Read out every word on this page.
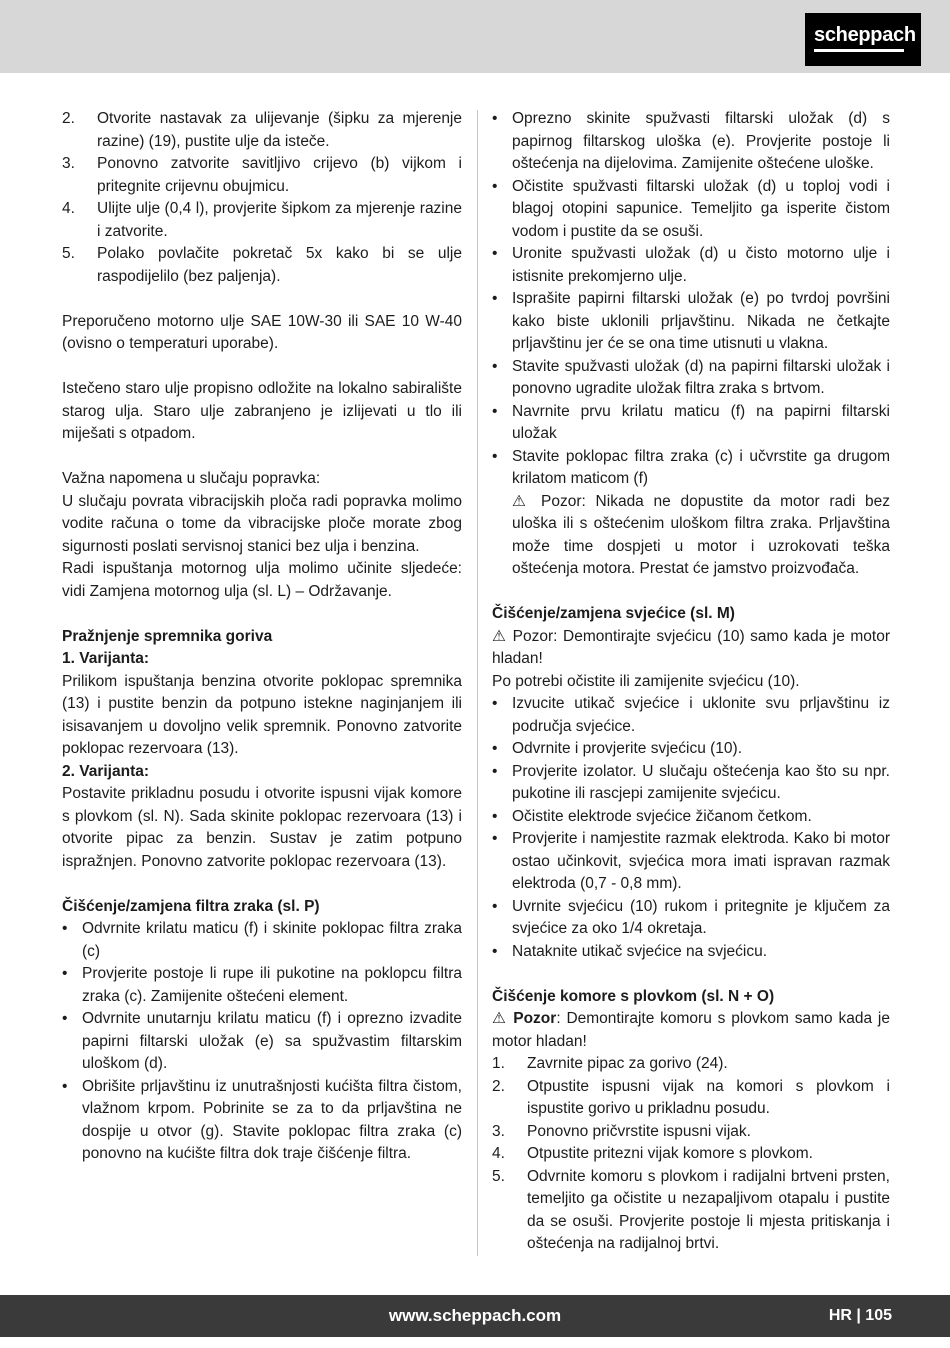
scheppach
2.	Otvorite nastavak za ulijevanje (šipku za mjerenje razine) (19), pustite ulje da isteče.
3.	Ponovno zatvorite savitljivo crijevo (b) vijkom i pritegnite crijevnu obujmicu.
4.	Ulijte ulje (0,4 l), provjerite šipkom za mjerenje razine i zatvorite.
5.	Polako povlačite pokretač 5x kako bi se ulje raspodijelilo (bez paljenja).

Preporučeno motorno ulje SAE 10W-30 ili SAE 10 W-40 (ovisno o temperaturi uporabe).

Istečeno staro ulje propisno odložite na lokalno sabiralište starog ulja. Staro ulje zabranjeno je izlijevati u tlo ili miješati s otpadom.

Važna napomena u slučaju popravka:

U slučaju povrata vibracijskih ploča radi popravka molimo vodite računa o tome da vibracijske ploče morate zbog sigurnosti poslati servisnoj stanici bez ulja i benzina.

Radi ispuštanja motornog ulja molimo učinite sljedeće: vidi Zamjena motornog ulja (sl. L) – Održavanje.

Pražnjenje spremnika goriva

1. Varijanta:

Prilikom ispuštanja benzina otvorite poklopac spremnika (13) i pustite benzin da potpuno istekne naginjanjem ili isisavanjem u dovoljno velik spremnik. Ponovno zatvorite poklopac rezervoara (13).

2. Varijanta:

Postavite prikladnu posudu i otvorite ispusni vijak komore s plovkom (sl. N). Sada skinite poklopac rezervoara (13) i otvorite pipac za benzin. Sustav je zatim potpuno ispražnjen. Ponovno zatvorite poklopac rezervoara (13).

Čišćenje/zamjena filtra zraka (sl. P)

• Odvrnite krilatu maticu (f) i skinite poklopac filtra zraka (c)
• Provjerite postoje li rupe ili pukotine na poklopcu filtra zraka (c). Zamijenite oštećeni element.
• Odvrnite unutarnju krilatu maticu (f) i oprezno izvadite papirni filtarski uložak (e) sa spužvastim filtarskim uloškom (d).
• Obrišite prljavštinu iz unutrašnjosti kućišta filtra čistom, vlažnom krpom. Pobrinite se za to da prljavština ne dospije u otvor (g). Stavite poklopac filtra zraka (c) ponovno na kućište filtra dok traje čišćenje filtra.
• Oprezno skinite spužvasti filtarski uložak (d) s papirnog filtarskog uloška (e). Provjerite postoje li oštećenja na dijelovima. Zamijenite oštećene uloške.
• Očistite spužvasti filtarski uložak (d) u toploj vodi i blagoj otopini sapunice. Temeljito ga isperite čistom vodom i pustite da se osuši.
• Uronite spužvasti uložak (d) u čisto motorno ulje i istisnite prekomjerno ulje.
• Isprašite papirni filtarski uložak (e) po tvrdoj površini kako biste uklonili prljavštinu. Nikada ne četkajte prljavštinu jer će se ona time utisnuti u vlakna.
• Stavite spužvasti uložak (d) na papirni filtarski uložak i ponovno ugradite uložak filtra zraka s brtvom.
• Navrnite prvu krilatu maticu (f) na papirni filtarski uložak
• Stavite poklopac filtra zraka (c) i učvrstite ga drugom krilatom maticom (f)

⚠ Pozor: Nikada ne dopustite da motor radi bez uloška ili s oštećenim uloškom filtra zraka. Prljavština može time dospjeti u motor i uzrokovati teška oštećenja motora. Prestat će jamstvo proizvođača.

Čišćenje/zamjena svjećice (sl. M)

⚠ Pozor: Demontirajte svjećicu (10) samo kada je motor hladan!

Po potrebi očistite ili zamijenite svjećicu (10).

• Izvucite utikač svjećice i uklonite svu prljavštinu iz područja svjećice.
• Odvrnite i provjerite svjećicu (10).
• Provjerite izolator. U slučaju oštećenja kao što su npr. pukotine ili rascjepi zamijenite svjećicu.
• Očistite elektrode svjećice žičanom četkom.
• Provjerite i namjestite razmak elektroda. Kako bi motor ostao učinkovit, svjećica mora imati ispravan razmak elektroda (0,7 - 0,8 mm).
• Uvrnite svjećicu (10) rukom i pritegnite je ključem za svjećice za oko 1/4 okretaja.
• Nataknite utikač svjećice na svjećicu.

Čišćenje komore s plovkom (sl. N + O)

⚠ Pozor: Demontirajte komoru s plovkom samo kada je motor hladan!

1.	Zavrnite pipac za gorivo (24).
2.	Otpustite ispusni vijak na komori s plovkom i ispustite gorivo u prikladnu posudu.
3.	Ponovno pričvrstite ispusni vijak.
4.	Otpustite pritezni vijak komore s plovkom.
5.	Odvrnite komoru s plovkom i radijalni brtveni prsten, temeljito ga očistite u nezapaljivom otapalu i pustite da se osuši. Provjerite postoje li mjesta pritiskanja i oštećenja na radijalnoj brtvi.
www.scheppach.com	HR | 105
